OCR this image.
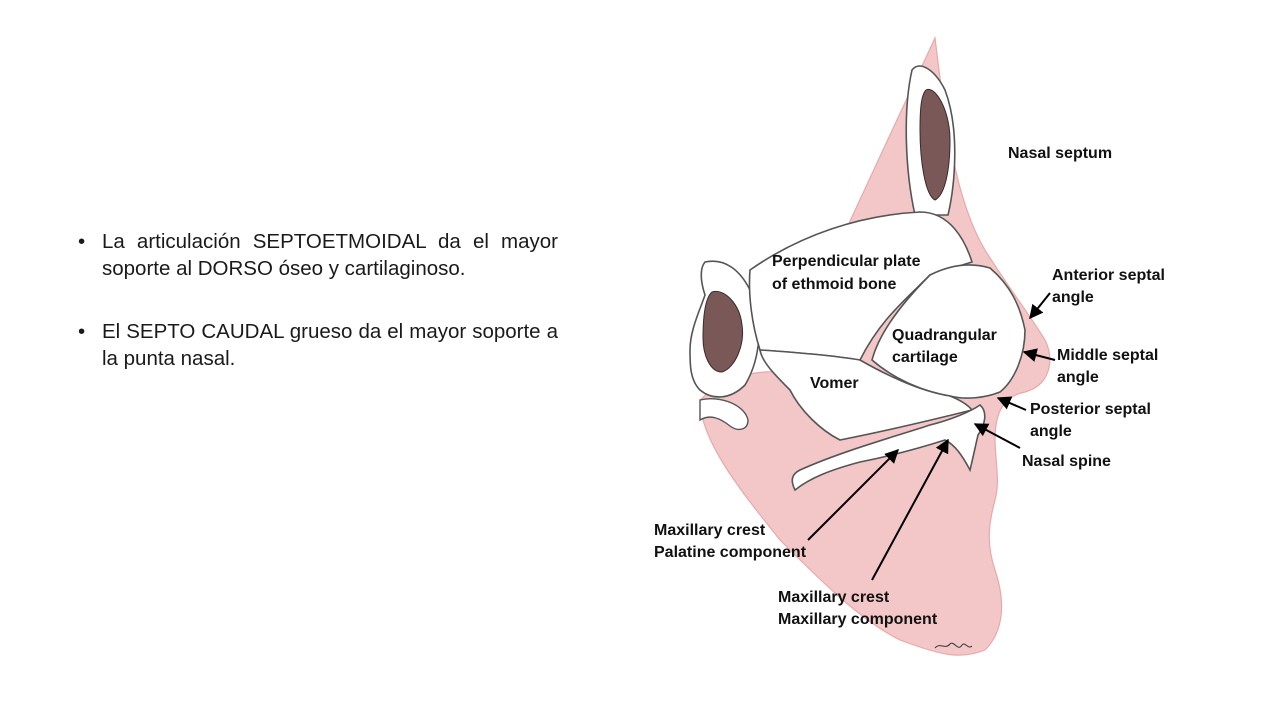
• La articulación SEPTOETMOIDAL da el mayor soporte al DORSO óseo y cartilaginoso.
• El SEPTO CAUDAL grueso da el mayor soporte a la punta nasal.
Nasal septum
Perpendicular plate
of ethmoid bone
Quadrangular
cartilage
Vomer
Anterior septal
angle
Middle septal
angle
Posterior septal
angle
Nasal spine
Maxillary crest
Palatine component
Maxillary crest
Maxillary component
